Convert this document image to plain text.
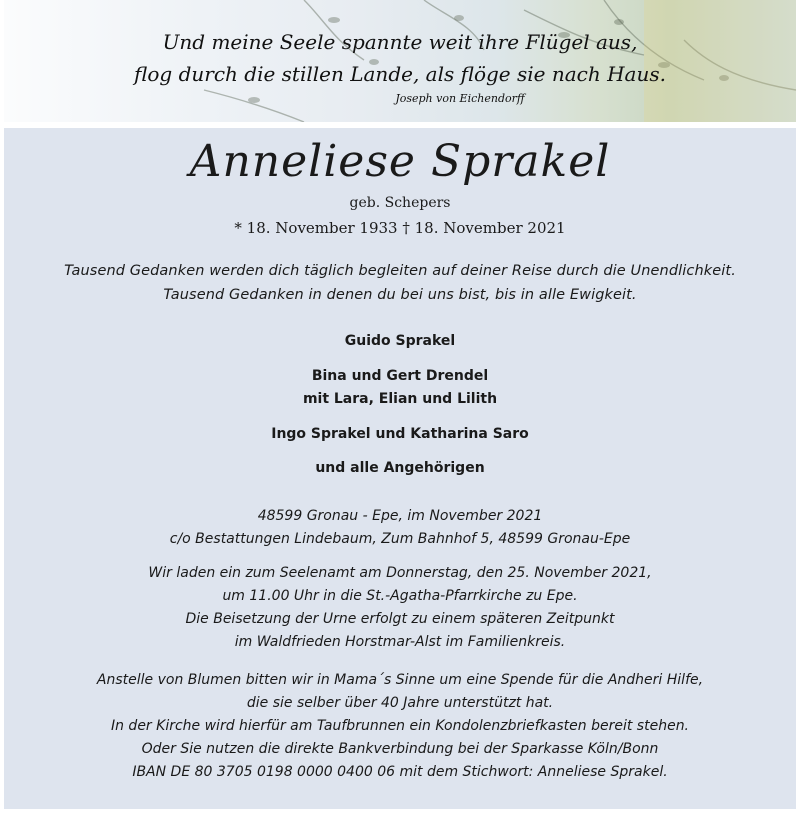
Und meine Seele spannte weit ihre Flügel aus,
flog durch die stillen Lande, als flöge sie nach Haus.
Joseph von Eichendorff
Anneliese Sprakel
geb. Schepers
* 18. November 1933 † 18. November 2021
Tausend Gedanken werden dich täglich begleiten auf deiner Reise durch die Unendlichkeit.
Tausend Gedanken in denen du bei uns bist, bis in alle Ewigkeit.
Guido Sprakel
Bina und Gert Drendel
mit Lara, Elian und Lilith
Ingo Sprakel und Katharina Saro
und alle Angehörigen
48599 Gronau - Epe, im November 2021
c/o Bestattungen Lindebaum, Zum Bahnhof 5, 48599 Gronau-Epe
Wir laden ein zum Seelenamt am Donnerstag, den 25. November 2021,
um 11.00 Uhr in die St.-Agatha-Pfarrkirche zu Epe.
Die Beisetzung der Urne erfolgt zu einem späteren Zeitpunkt
im Waldfrieden Horstmar-Alst im Familienkreis.
Anstelle von Blumen bitten wir in Mama´s Sinne um eine Spende für die Andheri Hilfe,
die sie selber über 40 Jahre unterstützt hat.
In der Kirche wird hierfür am Taufbrunnen ein Kondolenzbriefkasten bereit stehen.
Oder Sie nutzen die direkte Bankverbindung bei der Sparkasse Köln/Bonn
IBAN DE 80 3705 0198 0000 0400 06 mit dem Stichwort: Anneliese Sprakel.
